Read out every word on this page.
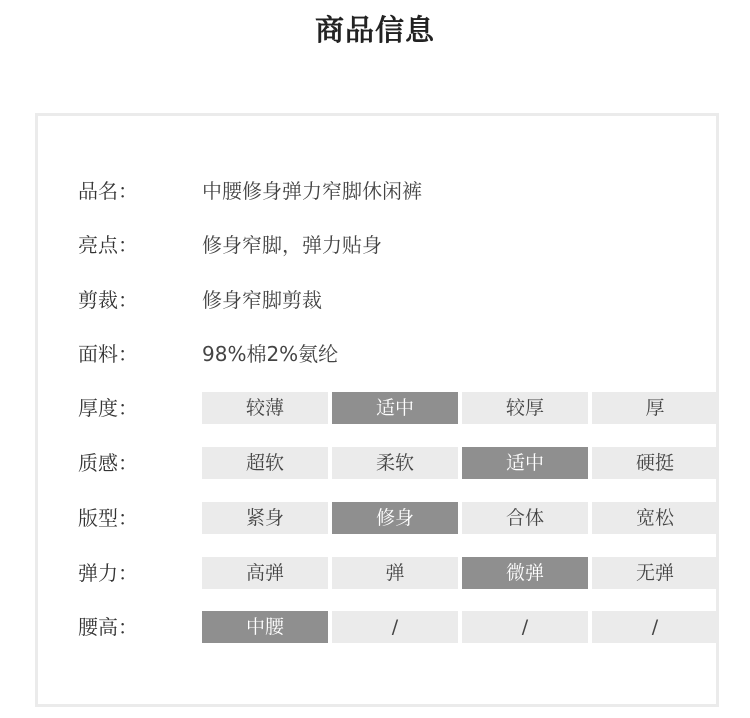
商品信息
品名：	中腰修身弹力窄脚休闲裤
亮点：	修身窄脚，弹力贴身
剪裁：	修身窄脚剪裁
面料：	98%棉2%氨纶
厚度：	较薄	适中	较厚	厚
质感：	超软	柔软	适中	硬挺
版型：	紧身	修身	合体	宽松
弹力：	高弹	弹	微弹	无弹
腰高：	中腰	/	/	/
